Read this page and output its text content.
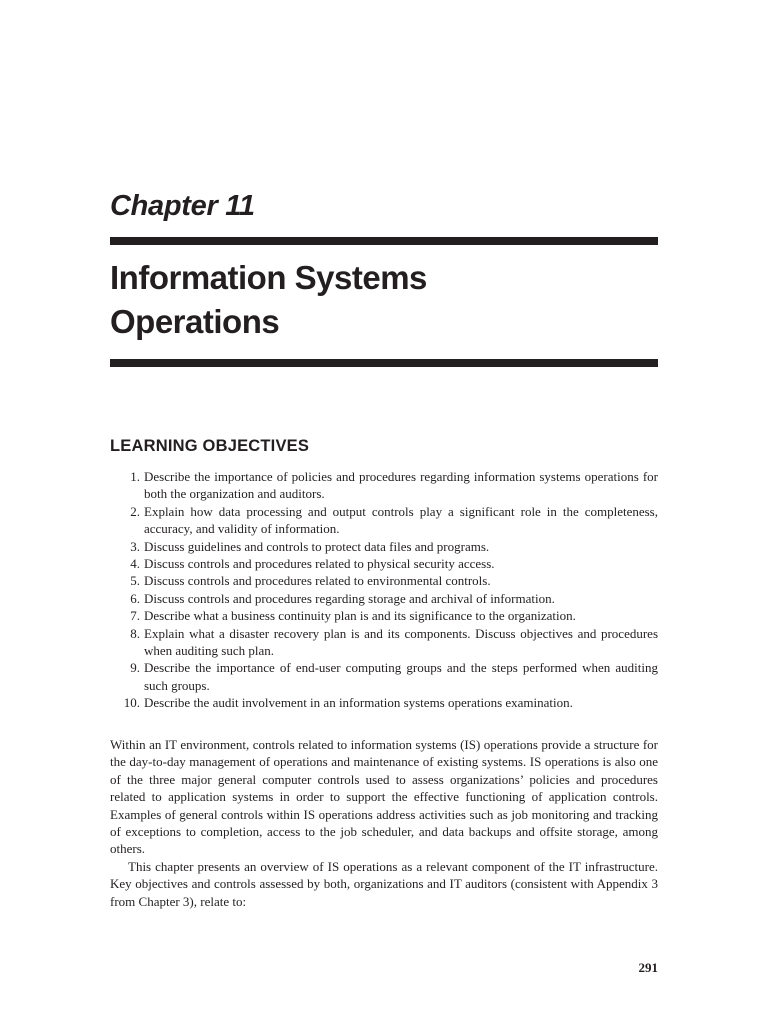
Chapter 11
Information Systems
Operations
LEARNING OBJECTIVES
1. Describe the importance of policies and procedures regarding information systems operations for both the organization and auditors.
2. Explain how data processing and output controls play a significant role in the completeness, accuracy, and validity of information.
3. Discuss guidelines and controls to protect data files and programs.
4. Discuss controls and procedures related to physical security access.
5. Discuss controls and procedures related to environmental controls.
6. Discuss controls and procedures regarding storage and archival of information.
7. Describe what a business continuity plan is and its significance to the organization.
8. Explain what a disaster recovery plan is and its components. Discuss objectives and procedures when auditing such plan.
9. Describe the importance of end-user computing groups and the steps performed when auditing such groups.
10. Describe the audit involvement in an information systems operations examination.

Within an IT environment, controls related to information systems (IS) operations provide a structure for the day-to-day management of operations and maintenance of existing systems. IS operations is also one of the three major general computer controls used to assess organizations’ policies and procedures related to application systems in order to support the effective functioning of application controls. Examples of general controls within IS operations address activities such as job monitoring and tracking of exceptions to completion, access to the job scheduler, and data backups and offsite storage, among others.

This chapter presents an overview of IS operations as a relevant component of the IT infrastructure. Key objectives and controls assessed by both, organizations and IT auditors (consistent with Appendix 3 from Chapter 3), relate to:

291
